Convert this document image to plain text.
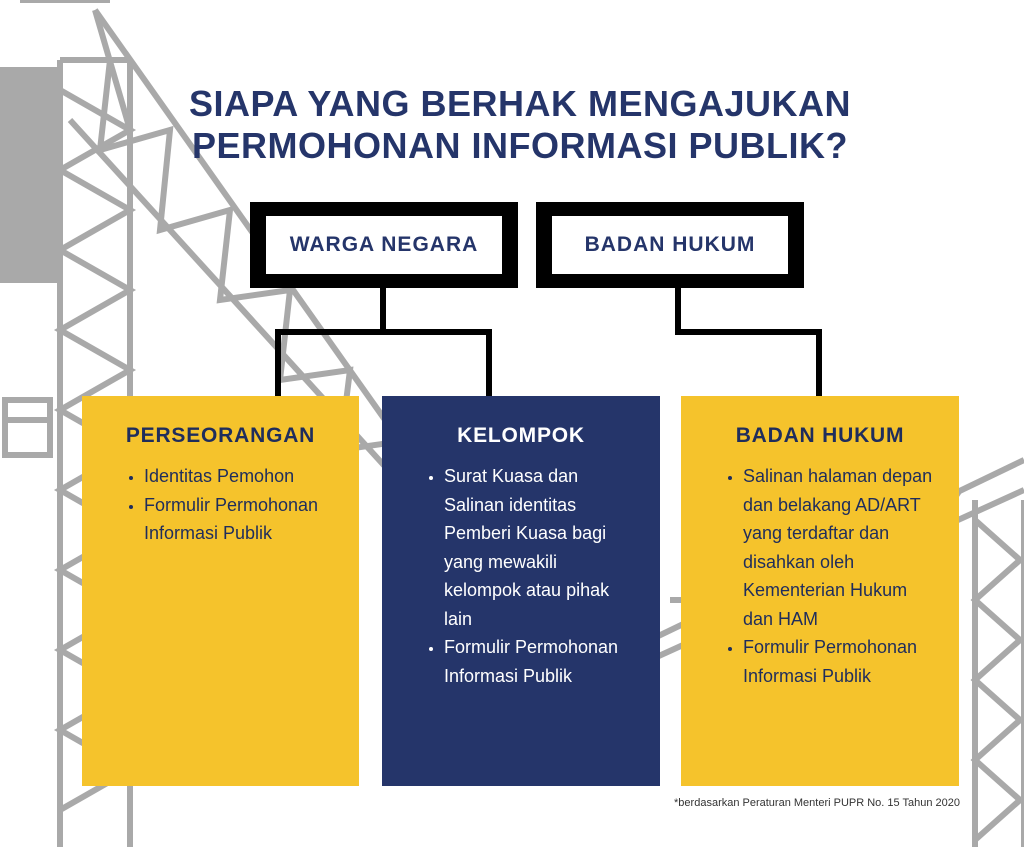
SIAPA YANG BERHAK MENGAJUKAN
PERMOHONAN INFORMASI PUBLIK?
WARGA NEGARA	BADAN HUKUM
PERSEORANGAN
• Identitas Pemohon
• Formulir Permohonan Informasi Publik
KELOMPOK
• Surat Kuasa dan Salinan identitas Pemberi Kuasa bagi yang mewakili kelompok atau pihak lain
• Formulir Permohonan Informasi Publik
BADAN HUKUM
• Salinan halaman depan dan belakang AD/ART yang terdaftar dan disahkan oleh Kementerian Hukum dan HAM
• Formulir Permohonan Informasi Publik
*berdasarkan Peraturan Menteri PUPR No. 15 Tahun 2020
